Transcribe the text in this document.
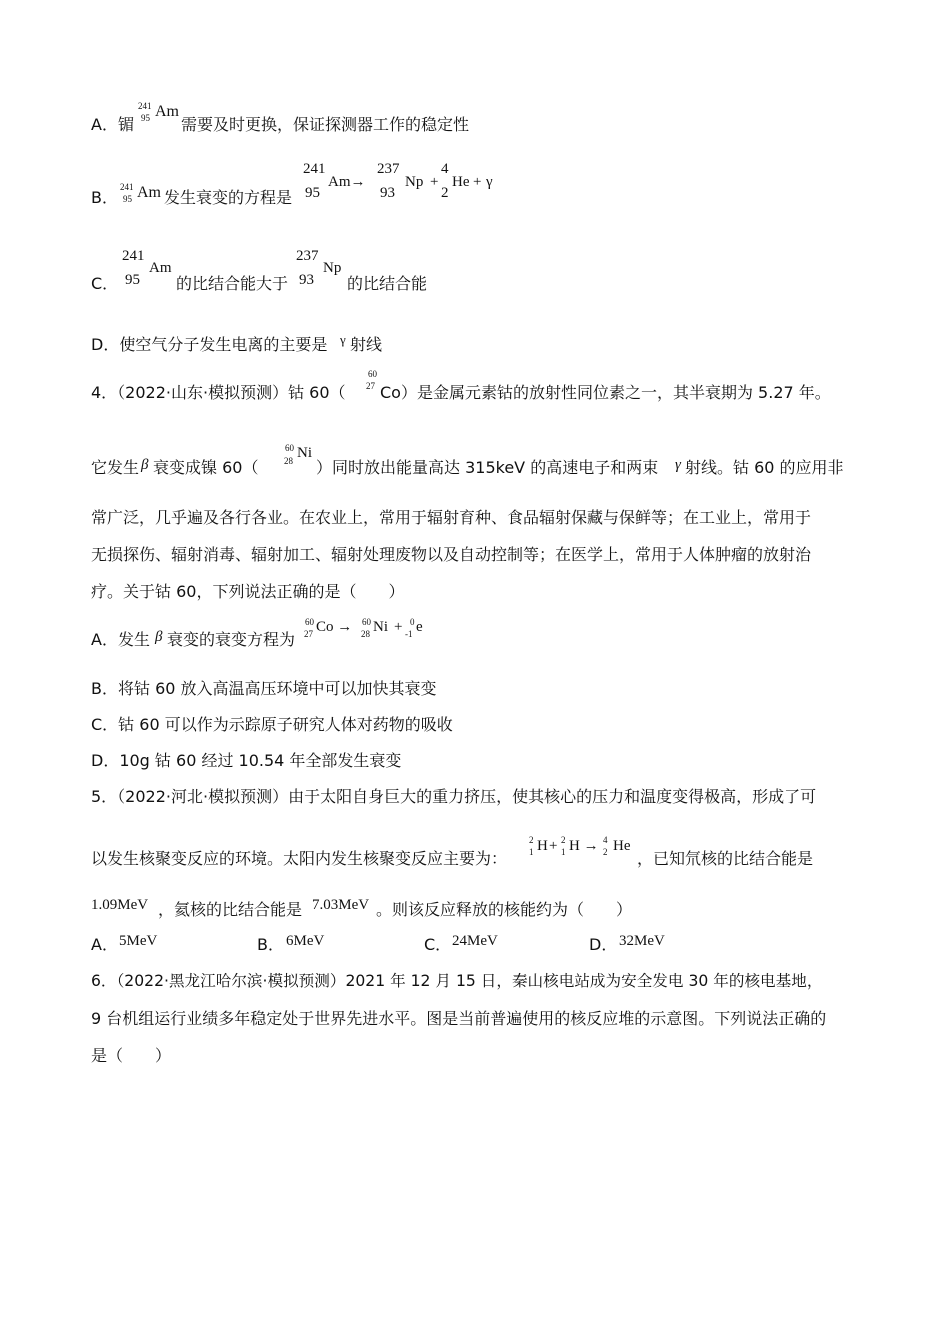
A．镅
241
95 Am
需要及时更换，保证探测器工作的稳定性
B．
241
95 Am 发生衰变的方程是
241
95
Am→
237
93
Np +
4
2
He + γ
C．
241
95
Am
的比结合能大于
237
93
Np
的比结合能
D．使空气分子发生电离的主要是 γ 射线
4．（2022·山东·模拟预测）钴 60（
60
27 Co）是金属元素钴的放射性同位素之一，其半衰期为 5.27 年。
它发生 β 衰变成镍 60（
60
28 Ni
）同时放出能量高达 315keV 的高速电子和两束 γ 射线。钴 60 的应用非
常广泛，几乎遍及各行各业。在农业上，常用于辐射育种、食品辐射保藏与保鲜等；在工业上，常用于
无损探伤、辐射消毒、辐射加工、辐射处理废物以及自动控制等；在医学上，常用于人体肿瘤的放射治
疗。关于钴 60，下列说法正确的是（　　）
A．发生 β 衰变的衰变方程为
60
27 Co → 60
28 Ni + 0
-1 e
B．将钴 60 放入高温高压环境中可以加快其衰变
C．钴 60 可以作为示踪原子研究人体对药物的吸收
D．10g 钴 60 经过 10.54 年全部发生衰变
5．（2022·河北·模拟预测）由于太阳自身巨大的重力挤压，使其核心的压力和温度变得极高，形成了可
以发生核聚变反应的环境。太阳内发生核聚变反应主要为：
2
1 H + 2
1 H → 4
2 He
，已知氘核的比结合能是
1.09MeV ，氦核的比结合能是 7.03MeV 。则该反应释放的核能约为（　　）
A． 5MeV	B． 6MeV	C． 24MeV	D． 32MeV
6．（2022·黑龙江哈尔滨·模拟预测）2021 年 12 月 15 日，秦山核电站成为安全发电 30 年的核电基地，
9 台机组运行业绩多年稳定处于世界先进水平。图是当前普遍使用的核反应堆的示意图。下列说法正确的
是（　　）
